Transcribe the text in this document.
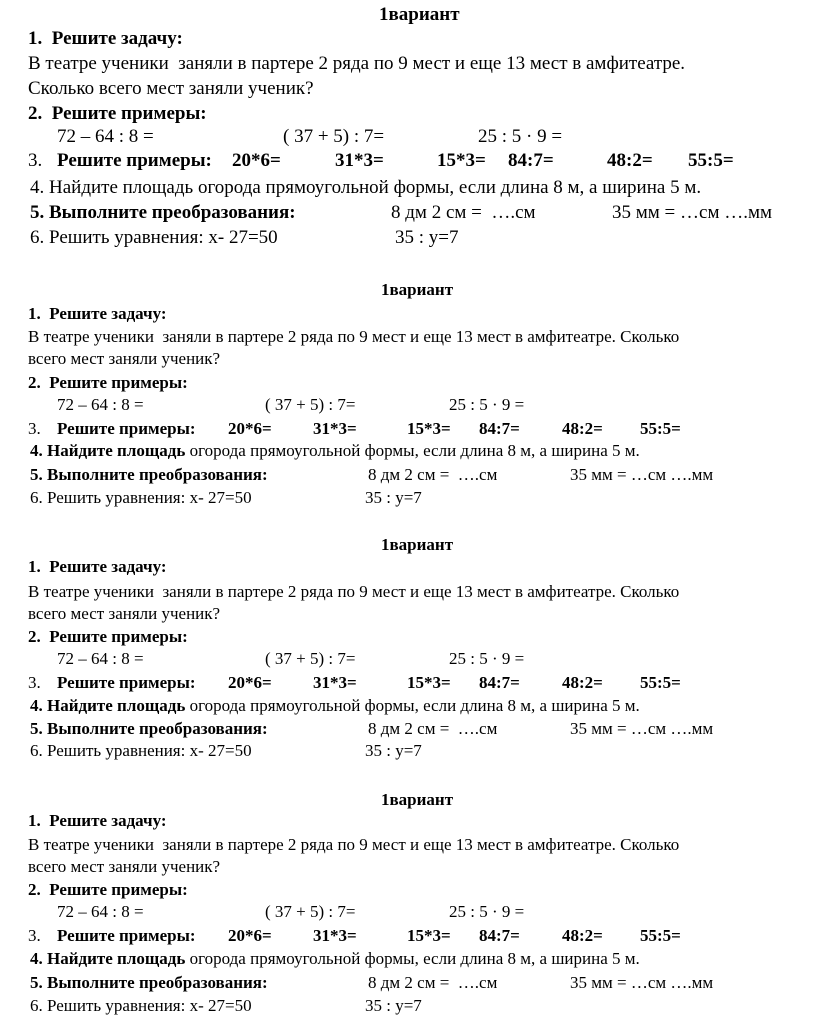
1вариант
1.  Решите задачу:
В театре ученики  заняли в партере 2 ряда по 9 мест и еще 13 мест в амфитеатре.
Сколько всего мест заняли ученик?
2.  Решите примеры:
72 – 64 : 8 =	( 37 + 5) : 7=	25 : 5 · 9 =
3. Решите примеры: 20*6=	31*3=	15*3= 84:7=	48:2= 55:5=
4. Найдите площадь огорода прямоугольной формы, если длина 8 м, а ширина 5 м.
5. Выполните преобразования:	8 дм 2 см =  ….см	35 мм = …см ….мм
6. Решить уравнения: х- 27=50	35 : у=7
1вариант
1.  Решите задачу:
В театре ученики  заняли в партере 2 ряда по 9 мест и еще 13 мест в амфитеатре. Сколько
всего мест заняли ученик?
2.  Решите примеры:
72 – 64 : 8 =	( 37 + 5) : 7=	25 : 5 · 9 =
3. Решите примеры: 20*6= 31*3=	15*3= 84:7= 48:2= 55:5=
4. Найдите площадь огорода прямоугольной формы, если длина 8 м, а ширина 5 м.
5. Выполните преобразования:	8 дм 2 см =  ….см	35 мм = …см ….мм
6. Решить уравнения: х- 27=50	35 : у=7
1вариант
1.  Решите задачу:
В театре ученики  заняли в партере 2 ряда по 9 мест и еще 13 мест в амфитеатре. Сколько
всего мест заняли ученик?
2.  Решите примеры:
72 – 64 : 8 =	( 37 + 5) : 7=	25 : 5 · 9 =
3. Решите примеры: 20*6= 31*3=	15*3= 84:7= 48:2= 55:5=
4. Найдите площадь огорода прямоугольной формы, если длина 8 м, а ширина 5 м.
5. Выполните преобразования:	8 дм 2 см =  ….см	35 мм = …см ….мм
6. Решить уравнения: х- 27=50	35 : у=7
1вариант
1.  Решите задачу:
В театре ученики  заняли в партере 2 ряда по 9 мест и еще 13 мест в амфитеатре. Сколько
всего мест заняли ученик?
2.  Решите примеры:
72 – 64 : 8 =	( 37 + 5) : 7=	25 : 5 · 9 =
3. Решите примеры: 20*6= 31*3=	15*3= 84:7= 48:2= 55:5=
4. Найдите площадь огорода прямоугольной формы, если длина 8 м, а ширина 5 м.
5. Выполните преобразования:	8 дм 2 см =  ….см	35 мм = …см ….мм
6. Решить уравнения: х- 27=50	35 : у=7
